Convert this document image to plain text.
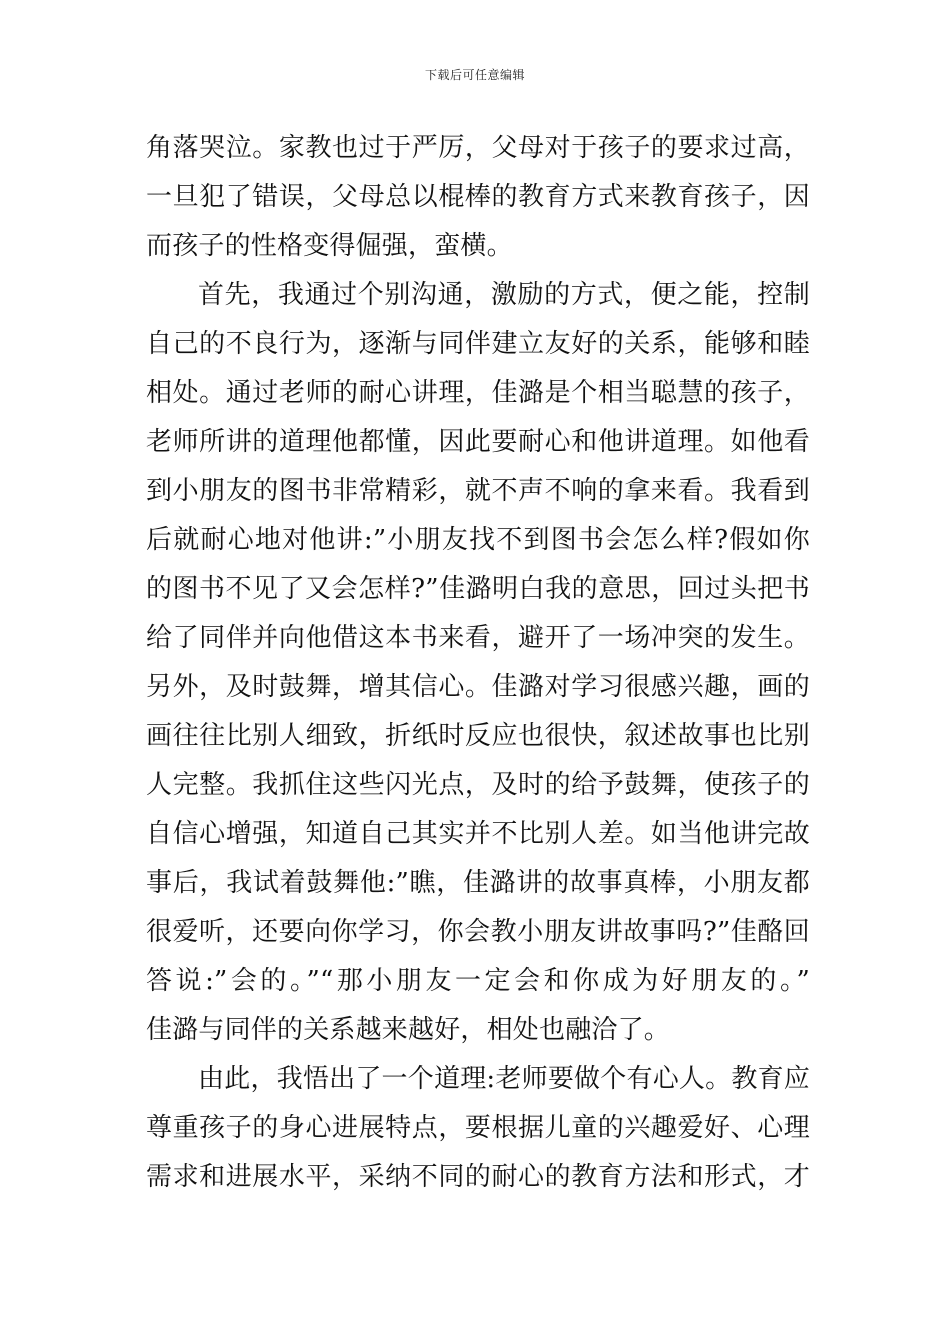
下载后可任意编辑
角落哭泣。家教也过于严厉，父母对于孩子的要求过高，
一旦犯了错误，父母总以棍棒的教育方式来教育孩子，因
而孩子的性格变得倔强，蛮横。
首先，我通过个别沟通，激励的方式，便之能，控制
自己的不良行为，逐渐与同伴建立友好的关系，能够和睦
相处。通过老师的耐心讲理，佳潞是个相当聪慧的孩子，
老师所讲的道理他都懂，因此要耐心和他讲道理。如他看
到小朋友的图书非常精彩，就不声不响的拿来看。我看到
后就耐心地对他讲:”小朋友找不到图书会怎么样?假如你
的图书不见了又会怎样?”佳潞明白我的意思，回过头把书
给了同伴并向他借这本书来看，避开了一场冲突的发生。
另外，及时鼓舞，增其信心。佳潞对学习很感兴趣，画的
画往往比别人细致，折纸时反应也很快，叙述故事也比别
人完整。我抓住这些闪光点，及时的给予鼓舞，使孩子的
自信心增强，知道自己其实并不比别人差。如当他讲完故
事后，我试着鼓舞他:”瞧，佳潞讲的故事真棒，小朋友都
很爱听，还要向你学习，你会教小朋友讲故事吗?”佳酪回
答说:”会的。”“那小朋友一定会和你成为好朋友的。”
佳潞与同伴的关系越来越好，相处也融洽了。
由此，我悟出了一个道理:老师要做个有心人。教育应
尊重孩子的身心进展特点，要根据儿童的兴趣爱好、心理
需求和进展水平，采纳不同的耐心的教育方法和形式，才
